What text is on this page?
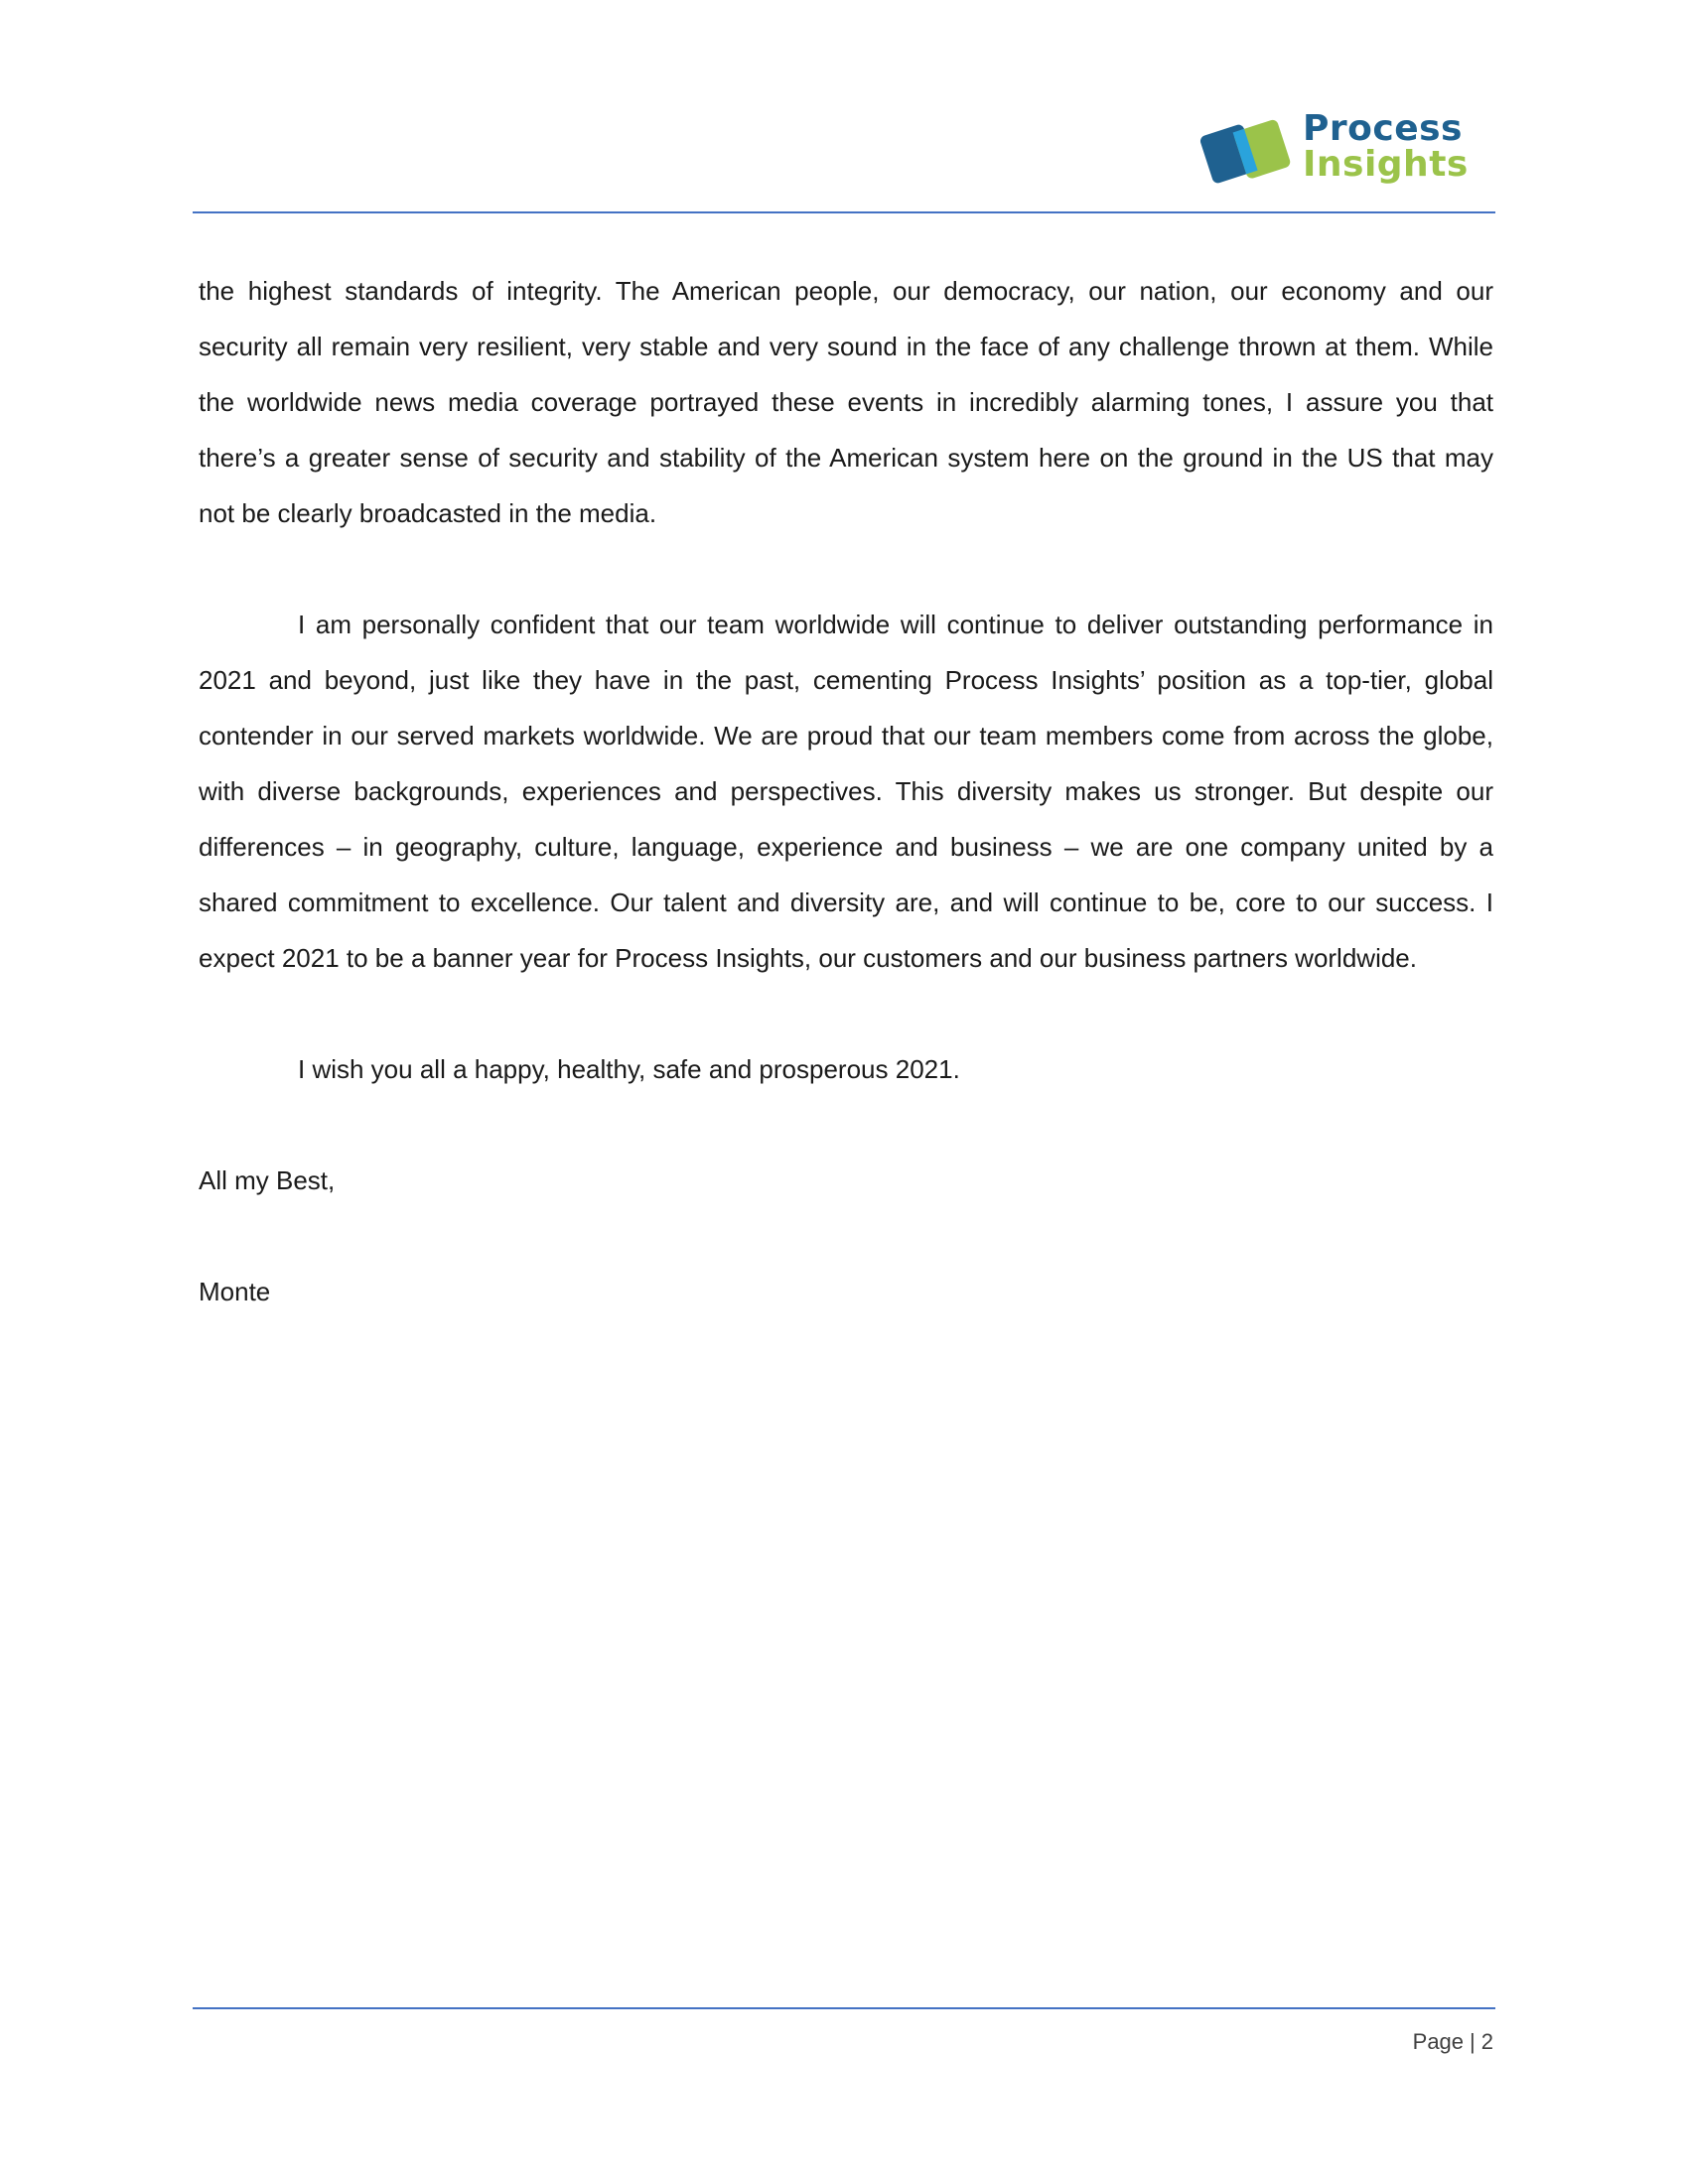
Process
Insights

the highest standards of integrity. The American people, our democracy, our nation, our economy and our security all remain very resilient, very stable and very sound in the face of any challenge thrown at them. While the worldwide news media coverage portrayed these events in incredibly alarming tones, I assure you that there’s a greater sense of security and stability of the American system here on the ground in the US that may not be clearly broadcasted in the media.

I am personally confident that our team worldwide will continue to deliver outstanding performance in 2021 and beyond, just like they have in the past, cementing Process Insights’ position as a top-tier, global contender in our served markets worldwide. We are proud that our team members come from across the globe, with diverse backgrounds, experiences and perspectives. This diversity makes us stronger. But despite our differences – in geography, culture, language, experience and business – we are one company united by a shared commitment to excellence. Our talent and diversity are, and will continue to be, core to our success. I expect 2021 to be a banner year for Process Insights, our customers and our business partners worldwide.

I wish you all a happy, healthy, safe and prosperous 2021.

All my Best,

Monte

Page | 2
